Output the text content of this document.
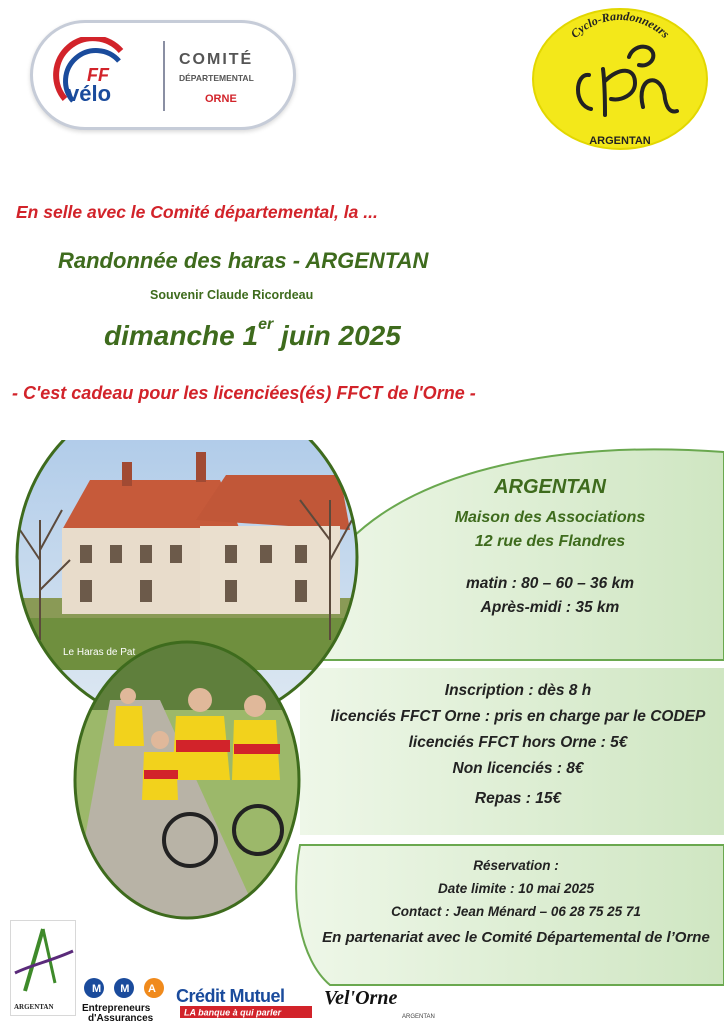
FF
vélo
COMITÉ
DÉPARTEMENTAL
ORNE
Cyclo-Randonneurs
ARGENTAN
En selle avec le Comité départemental, la ...
Randonnée des haras - ARGENTAN
Souvenir Claude Ricordeau
dimanche 1er juin 2025
- C'est cadeau pour les licenciées(és) FFCT de l'Orne -
Le Haras de Pat
ARGENTAN
Maison des Associations
12 rue des Flandres
matin : 80 – 60 – 36 km
Après-midi : 35 km
Inscription : dès 8 h
licenciés FFCT Orne : pris en charge par le CODEP
licenciés FFCT hors Orne : 5€
Non licenciés : 8€
Repas : 15€
Réservation :
Date limite : 10 mai 2025
Contact : Jean Ménard – 06 28 75 25 71
En partenariat avec le Comité Départemental de l’Orne
ARGENTAN
M M A
Entrepreneurs
d'Assurances
Crédit Mutuel
LA banque à qui parler
Vel'Orne
ARGENTAN
